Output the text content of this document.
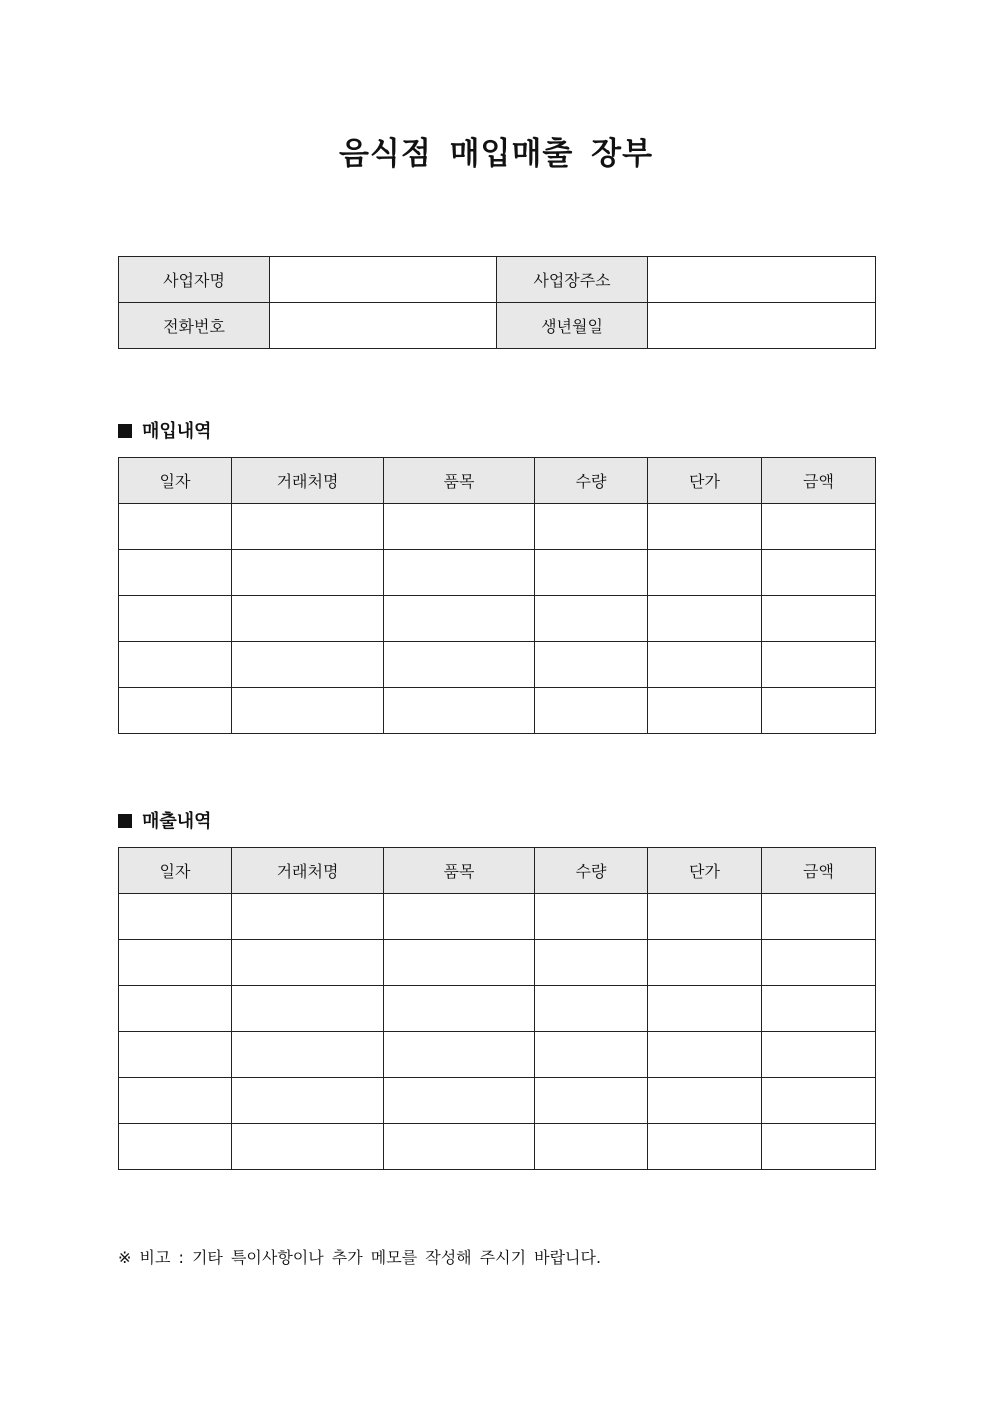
음식점 매입매출 장부
사업자명		사업장주소	
전화번호		생년월일	
매입내역
일자	거래처명	품목	수량	단가	금액

매출내역
일자	거래처명	품목	수량	단가	금액

※ 비고 : 기타 특이사항이나 추가 메모를 작성해 주시기 바랍니다.
